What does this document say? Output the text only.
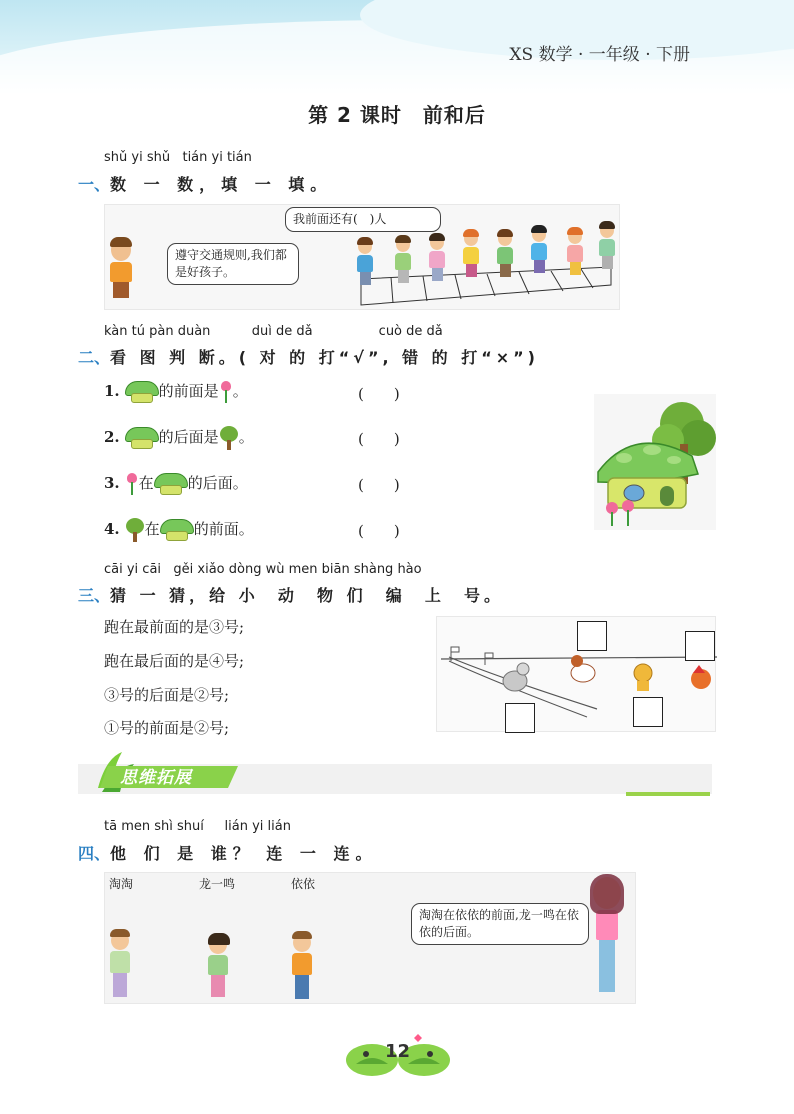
XS 数学 · 一年级 · 下册
第 2 课时　前和后
shǔ yi shǔ   tián yi tián
一、数 一 数，填 一 填。
遵守交通规则,我们都是好孩子。
我前面还有(　)人
kàn tú pàn duàn          duì de dǎ                cuò de dǎ
二、看 图 判 断。( 对 的 打“√”, 错 的 打“×”)
1.	的前面是 。	(　　)
2.	的后面是 。	(　　)
3. 在 的后面。	(　　)
4. 在 的前面。	(　　)
cāi yi cāi   gěi xiǎo dòng wù men biān shàng hào
三、猜 一 猜，给 小  动  物 们  编  上  号。
跑在最前面的是③号;
跑在最后面的是④号;
③号的后面是②号;
①号的前面是②号;
思维拓展
tā men shì shuí     lián yi lián
四、他 们 是 谁？ 连 一 连。
淘淘	龙一鸣	依依
淘淘在依依的前面,龙一鸣在依依的后面。
12
